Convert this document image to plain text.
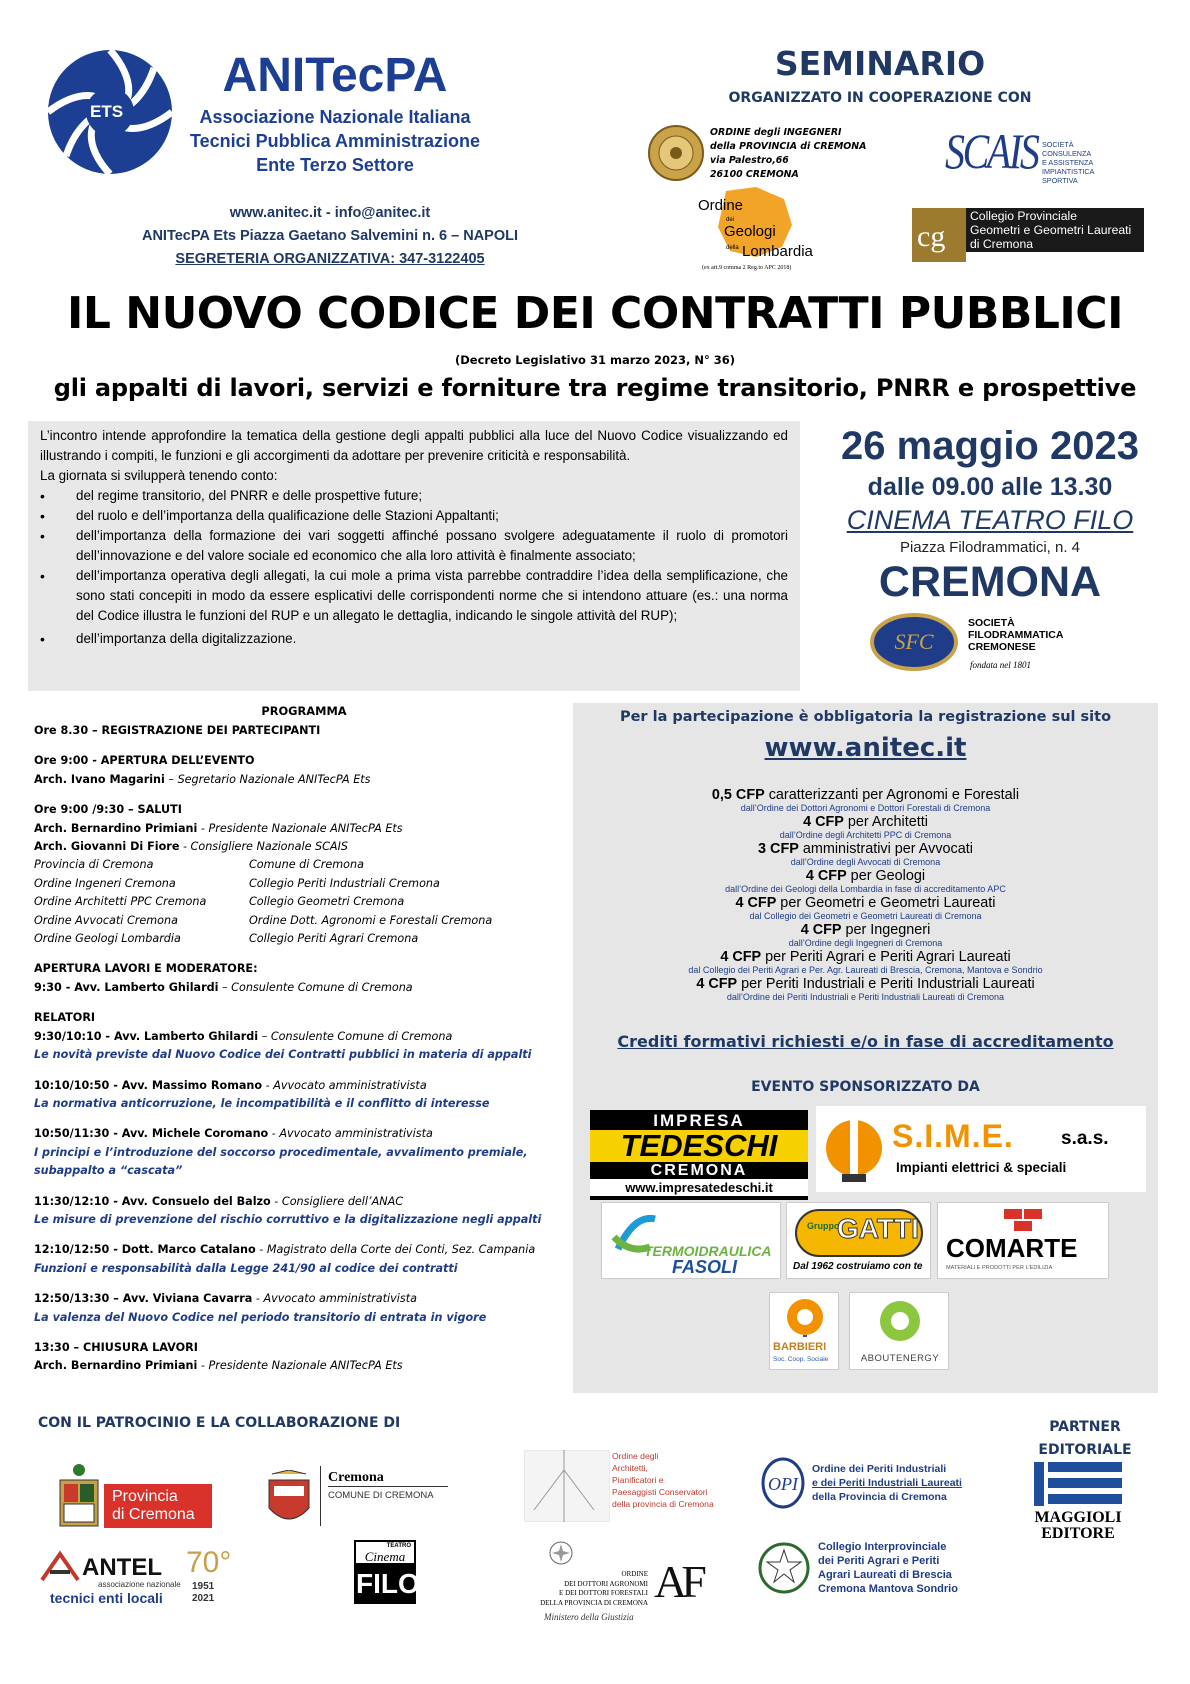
ETS
ANITecPA
Associazione Nazionale Italiana
Tecnici Pubblica Amministrazione
Ente Terzo Settore
www.anitec.it - info@anitec.it
ANITecPA Ets Piazza Gaetano Salvemini n. 6 – NAPOLI
SEGRETERIA ORGANIZZATIVA: 347-3122405
SEMINARIO
ORGANIZZATO IN COOPERAZIONE CON
ORDINE degli INGEGNERI
della PROVINCIA di CREMONA
via Palestro,66
26100 CREMONA
Ordine
dei
Geologi
della Lombardia
(ex art.9 comma 2 Reg.to APC 2018)
SCAIS SOCIETÀ
CONSULENZA
E ASSISTENZA
IMPIANTISTICA
SPORTIVA
cg
Collegio Provinciale
Geometri e Geometri Laureati
di Cremona
IL NUOVO CODICE DEI CONTRATTI PUBBLICI
(Decreto Legislativo 31 marzo 2023, N° 36)
gli appalti di lavori, servizi e forniture tra regime transitorio, PNRR e prospettive

L’incontro intende approfondire la tematica della gestione degli appalti pubblici alla luce del Nuovo Codice visualizzando ed illustrando i compiti, le funzioni e gli accorgimenti da adottare per prevenire criticità e responsabilità.

La giornata si svilupperà tenendo conto:

• del regime transitorio, del PNRR e delle prospettive future;
• del ruolo e dell’importanza della qualificazione delle Stazioni Appaltanti;
• dell’importanza della formazione dei vari soggetti affinché possano svolgere adeguatamente il ruolo di promotori dell’innovazione e del valore sociale ed economico che alla loro attività è finalmente associato;
• dell’importanza operativa degli allegati, la cui mole a prima vista parrebbe contraddire l’idea della semplificazione, che sono stati concepiti in modo da essere esplicativi delle corrispondenti norme che si intendono attuare (es.: una norma del Codice illustra le funzioni del RUP e un allegato le dettaglia, indicando le singole attività del RUP);
• dell’importanza della digitalizzazione.
26 maggio 2023
dalle 09.00 alle 13.30
CINEMA TEATRO FILO
Piazza Filodrammatici, n. 4
CREMONA
SFC
SOCIETÀ
FILODRAMMATICA
CREMONESE
fondata nel 1801
PROGRAMMA
Ore 8.30 – REGISTRAZIONE DEI PARTECIPANTI
Ore 9:00 - APERTURA DELL’EVENTO
Arch. Ivano Magarini – Segretario Nazionale ANITecPA Ets
Ore 9:00 /9:30 – SALUTI
Arch. Bernardino Primiani - Presidente Nazionale ANITecPA Ets
Arch. Giovanni Di Fiore - Consigliere Nazionale SCAIS
Provincia di Cremona	Comune di Cremona
Ordine Ingeneri Cremona	Collegio Periti Industriali Cremona
Ordine Architetti PPC Cremona	Collegio Geometri Cremona
Ordine Avvocati Cremona	Ordine Dott. Agronomi e Forestali Cremona
Ordine Geologi Lombardia	Collegio Periti Agrari Cremona
APERTURA LAVORI E MODERATORE:
9:30 - Avv. Lamberto Ghilardi – Consulente Comune di Cremona
RELATORI
9:30/10:10 - Avv. Lamberto Ghilardi – Consulente Comune di Cremona
Le novità previste dal Nuovo Codice dei Contratti pubblici in materia di appalti
10:10/10:50 - Avv. Massimo Romano - Avvocato amministrativista
La normativa anticorruzione, le incompatibilità e il conflitto di interesse
10:50/11:30 - Avv. Michele Coromano - Avvocato amministrativista
I principi e l’introduzione del soccorso procedimentale, avvalimento premiale, subappalto a “cascata”
11:30/12:10 - Avv. Consuelo del Balzo - Consigliere dell’ANAC
Le misure di prevenzione del rischio corruttivo e la digitalizzazione negli appalti
12:10/12:50 - Dott. Marco Catalano - Magistrato della Corte dei Conti, Sez. Campania
Funzioni e responsabilità dalla Legge 241/90 al codice dei contratti
12:50/13:30 – Avv. Viviana Cavarra - Avvocato amministrativista
La valenza del Nuovo Codice nel periodo transitorio di entrata in vigore
13:30 – CHIUSURA LAVORI
Arch. Bernardino Primiani - Presidente Nazionale ANITecPA Ets
Per la partecipazione è obbligatoria la registrazione sul sito
www.anitec.it
0,5 CFP caratterizzanti per Agronomi e Forestali
dall’Ordine dei Dottori Agronomi e Dottori Forestali di Cremona
4 CFP per Architetti
dall’Ordine degli Architetti PPC di Cremona
3 CFP amministrativi per Avvocati
dall’Ordine degli Avvocati di Cremona
4 CFP per Geologi
dall’Ordine dei Geologi della Lombardia in fase di accreditamento APC
4 CFP per Geometri e Geometri Laureati
dal Collegio dei Geometri e Geometri Laureati di Cremona
4 CFP per Ingegneri
dall’Ordine degli Ingegneri di Cremona
4 CFP per Periti Agrari e Periti Agrari Laureati
dal Collegio dei Periti Agrari e Per. Agr. Laureati di Brescia, Cremona, Mantova e Sondrio
4 CFP per Periti Industriali e Periti Industriali Laureati
dall’Ordine dei Periti Industriali e Periti Industriali Laureati di Cremona
Crediti formativi richiesti e/o in fase di accreditamento
EVENTO SPONSORIZZATO DA
IMPRESA
TEDESCHI
CREMONA
www.impresatedeschi.it
S.I.M.E. s.a.s.
Impianti elettrici & speciali
TERMOIDRAULICA
FASOLI
Gruppo
GATTI
Dal 1962 costruiamo con te
COMARTE
MATERIALI E PRODOTTI PER L'EDILIZIA
BARBIERI
Soc. Coop. Sociale	ABOUTENERGY
CON IL PATROCINIO E LA COLLABORAZIONE DI	PARTNER
EDITORIALE
Provincia
di Cremona
Cremona
COMUNE DI CREMONA
Ordine degli
Architetti,
Pianificatori e
Paesaggisti Conservatori
della provincia di Cremona
OPI
Ordine dei Periti Industriali
e dei Periti Industriali Laureati
della Provincia di Cremona
MAGGIOLI
EDITORE
ANTEL
associazione nazionale
tecnici enti locali
70°
1951
2021
TEATRO
Cinema
FILO	ORDINE
DEI DOTTORI AGRONOMI
E DEI DOTTORI FORESTALI
DELLA PROVINCIA DI CREMONA AF
Ministero della Giustizia
Collegio Interprovinciale
dei Periti Agrari e Periti
Agrari Laureati di Brescia
Cremona Mantova Sondrio
